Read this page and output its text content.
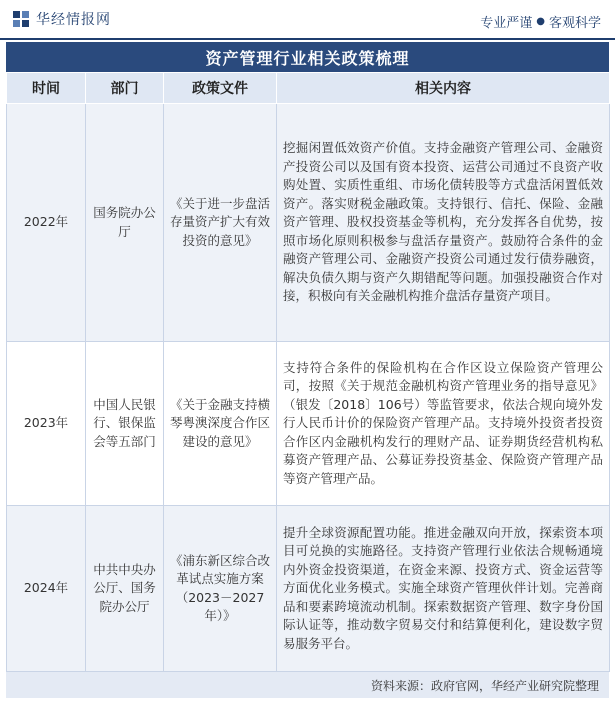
华经情报网	专业严谨 ● 客观科学
资产管理行业相关政策梳理
时间	部门	政策文件	相关内容
2022年	国务院办公厅	《关于进一步盘活存量资产扩大有效投资的意见》	挖掘闲置低效资产价值。支持金融资产管理公司、金融资产投资公司以及国有资本投资、运营公司通过不良资产收购处置、实质性重组、市场化债转股等方式盘活闲置低效资产。落实财税金融政策。支持银行、信托、保险、金融资产管理、股权投资基金等机构，充分发挥各自优势，按照市场化原则积极参与盘活存量资产。鼓励符合条件的金融资产管理公司、金融资产投资公司通过发行债券融资，解决负债久期与资产久期错配等问题。加强投融资合作对接，积极向有关金融机构推介盘活存量资产项目。
2023年	中国人民银行、银保监会等五部门	《关于金融支持横琴粤澳深度合作区建设的意见》	支持符合条件的保险机构在合作区设立保险资产管理公司，按照《关于规范金融机构资产管理业务的指导意见》（银发〔2018〕106号）等监管要求，依法合规向境外发行人民币计价的保险资产管理产品。支持境外投资者投资合作区内金融机构发行的理财产品、证券期货经营机构私募资产管理产品、公募证券投资基金、保险资产管理产品等资产管理产品。
2024年	中共中央办公厅、国务院办公厅	《浦东新区综合改革试点实施方案（2023－2027年）》	提升全球资源配置功能。推进金融双向开放，探索资本项目可兑换的实施路径。支持资产管理行业依法合规畅通境内外资金投资渠道，在资金来源、投资方式、资金运营等方面优化业务模式。实施全球资产管理伙伴计划。完善商品和要素跨境流动机制。探索数据资产管理、数字身份国际认证等，推动数字贸易交付和结算便利化，建设数字贸易服务平台。
资料来源：政府官网，华经产业研究院整理
